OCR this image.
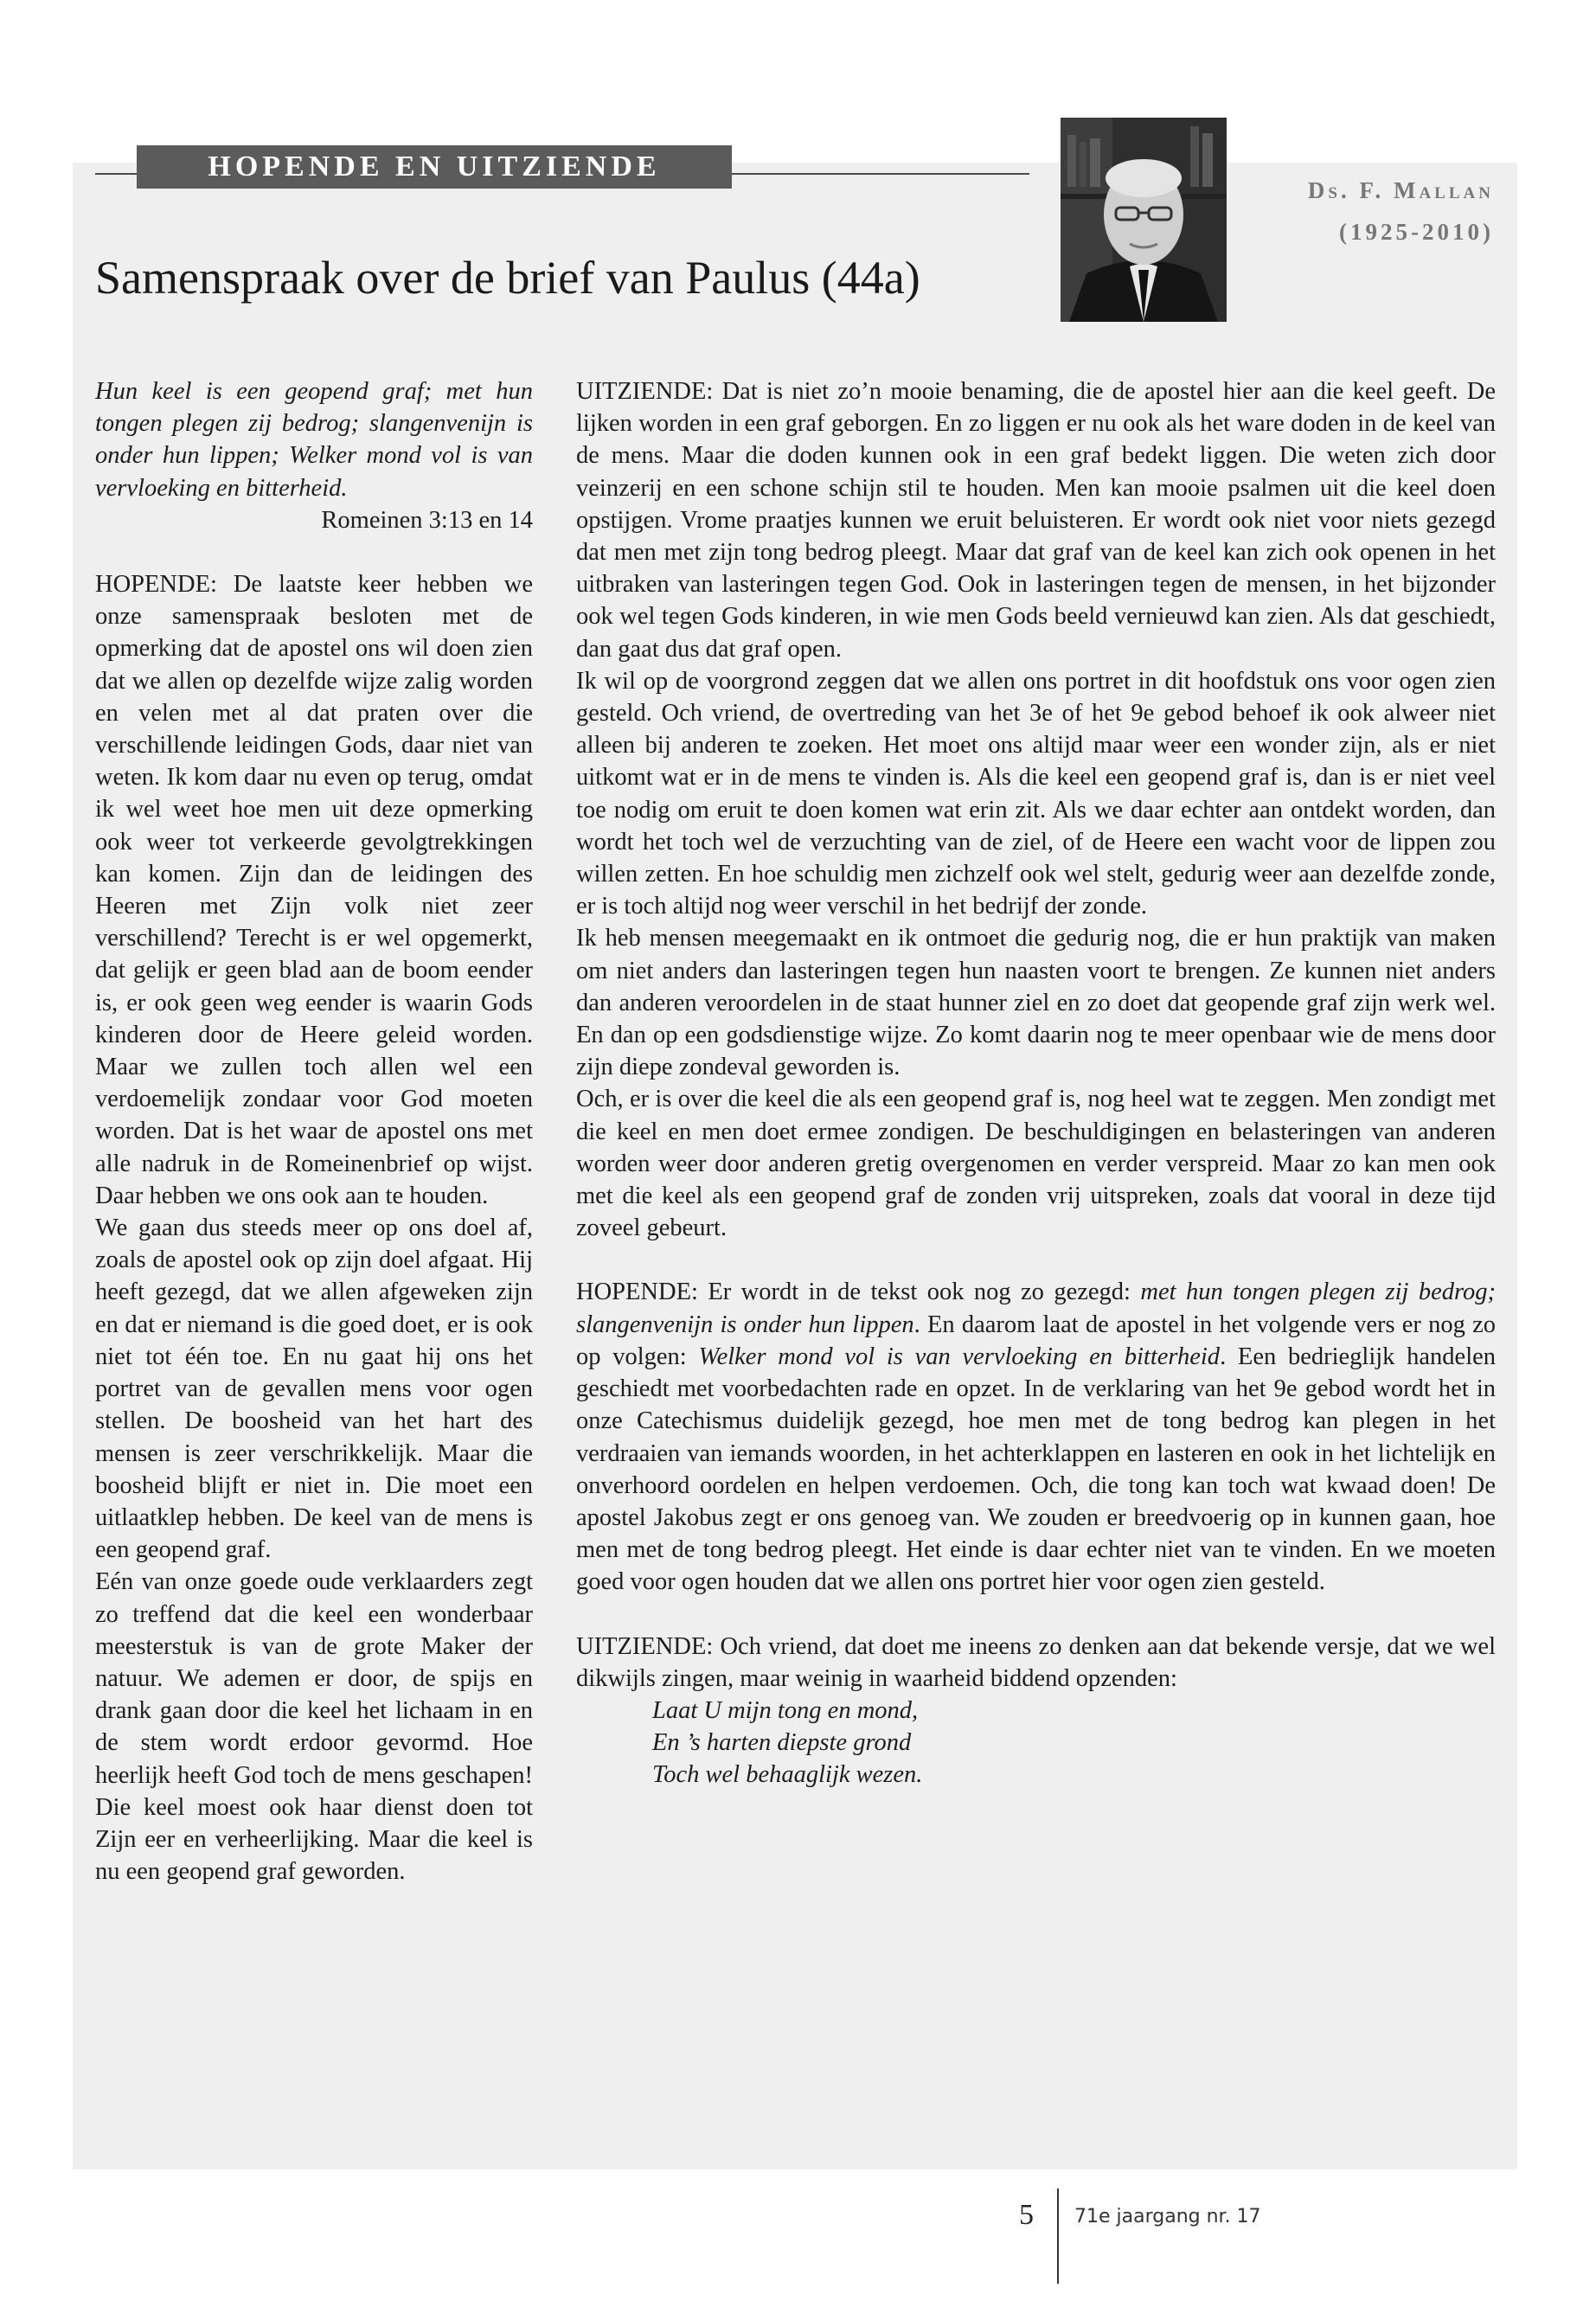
HOPENDE EN UITZIENDE
Ds. F. Mallan
(1925-2010)
Samenspraak over de brief van Paulus (44a)

Hun keel is een geopend graf; met hun tongen plegen zij bedrog; slangenvenijn is onder hun lippen; Welker mond vol is van vervloeking en bitterheid.

Romeinen 3:13 en 14

HOPENDE: De laatste keer hebben we onze samenspraak besloten met de opmerking dat de apostel ons wil doen zien dat we allen op dezelfde wijze zalig worden en velen met al dat praten over die verschillende leidingen Gods, daar niet van weten. Ik kom daar nu even op terug, omdat ik wel weet hoe men uit deze opmerking ook weer tot verkeerde gevolgtrekkingen kan komen. Zijn dan de leidingen des Heeren met Zijn volk niet zeer verschillend? Terecht is er wel opgemerkt, dat gelijk er geen blad aan de boom eender is, er ook geen weg eender is waarin Gods kinderen door de Heere geleid worden. Maar we zullen toch allen wel een verdoemelijk zondaar voor God moeten worden. Dat is het waar de apostel ons met alle nadruk in de Romeinenbrief op wijst. Daar hebben we ons ook aan te houden.

We gaan dus steeds meer op ons doel af, zoals de apostel ook op zijn doel afgaat. Hij heeft gezegd, dat we allen afgeweken zijn en dat er niemand is die goed doet, er is ook niet tot één toe. En nu gaat hij ons het portret van de gevallen mens voor ogen stellen. De boosheid van het hart des mensen is zeer verschrikkelijk. Maar die boosheid blijft er niet in. Die moet een uitlaatklep hebben. De keel van de mens is een geopend graf.

Eén van onze goede oude verklaarders zegt zo treffend dat die keel een wonderbaar meesterstuk is van de grote Maker der natuur. We ademen er door, de spijs en drank gaan door die keel het lichaam in en de stem wordt erdoor gevormd. Hoe heerlijk heeft God toch de mens geschapen! Die keel moest ook haar dienst doen tot Zijn eer en verheerlijking. Maar die keel is nu een geopend graf geworden.

UITZIENDE: Dat is niet zo’n mooie benaming, die de apostel hier aan die keel geeft. De lijken worden in een graf geborgen. En zo liggen er nu ook als het ware doden in de keel van de mens. Maar die doden kunnen ook in een graf bedekt liggen. Die weten zich door veinzerij en een schone schijn stil te houden. Men kan mooie psalmen uit die keel doen opstijgen. Vrome praatjes kunnen we eruit beluisteren. Er wordt ook niet voor niets gezegd dat men met zijn tong bedrog pleegt. Maar dat graf van de keel kan zich ook openen in het uitbraken van lasteringen tegen God. Ook in lasteringen tegen de mensen, in het bijzonder ook wel tegen Gods kinderen, in wie men Gods beeld vernieuwd kan zien. Als dat geschiedt, dan gaat dus dat graf open.

Ik wil op de voorgrond zeggen dat we allen ons portret in dit hoofdstuk ons voor ogen zien gesteld. Och vriend, de overtreding van het 3e of het 9e gebod behoef ik ook alweer niet alleen bij anderen te zoeken. Het moet ons altijd maar weer een wonder zijn, als er niet uitkomt wat er in de mens te vinden is. Als die keel een geopend graf is, dan is er niet veel toe nodig om eruit te doen komen wat erin zit. Als we daar echter aan ontdekt worden, dan wordt het toch wel de verzuchting van de ziel, of de Heere een wacht voor de lippen zou willen zetten. En hoe schuldig men zichzelf ook wel stelt, gedurig weer aan dezelfde zonde, er is toch altijd nog weer verschil in het bedrijf der zonde.

Ik heb mensen meegemaakt en ik ontmoet die gedurig nog, die er hun praktijk van maken om niet anders dan lasteringen tegen hun naasten voort te brengen. Ze kunnen niet anders dan anderen veroordelen in de staat hunner ziel en zo doet dat geopende graf zijn werk wel. En dan op een godsdienstige wijze. Zo komt daarin nog te meer openbaar wie de mens door zijn diepe zondeval geworden is.

Och, er is over die keel die als een geopend graf is, nog heel wat te zeggen. Men zondigt met die keel en men doet ermee zondigen. De beschuldigingen en belasteringen van anderen worden weer door anderen gretig overgenomen en verder verspreid. Maar zo kan men ook met die keel als een geopend graf de zonden vrij uitspreken, zoals dat vooral in deze tijd zoveel gebeurt.

HOPENDE: Er wordt in de tekst ook nog zo gezegd: met hun tongen plegen zij bedrog; slangenvenijn is onder hun lippen. En daarom laat de apostel in het volgende vers er nog zo op volgen: Welker mond vol is van vervloeking en bitterheid. Een bedrieglijk handelen geschiedt met voorbedachten rade en opzet. In de verklaring van het 9e gebod wordt het in onze Catechismus duidelijk gezegd, hoe men met de tong bedrog kan plegen in het verdraaien van iemands woorden, in het achterklappen en lasteren en ook in het lichtelijk en onverhoord oordelen en helpen verdoemen. Och, die tong kan toch wat kwaad doen! De apostel Jakobus zegt er ons genoeg van. We zouden er breedvoerig op in kunnen gaan, hoe men met de tong bedrog pleegt. Het einde is daar echter niet van te vinden. En we moeten goed voor ogen houden dat we allen ons portret hier voor ogen zien gesteld.

UITZIENDE: Och vriend, dat doet me ineens zo denken aan dat bekende versje, dat we wel dikwijls zingen, maar weinig in waarheid biddend opzenden:

Laat U mijn tong en mond,
En ’s harten diepste grond
Toch wel behaaglijk wezen.
5 71e jaargang nr. 17
